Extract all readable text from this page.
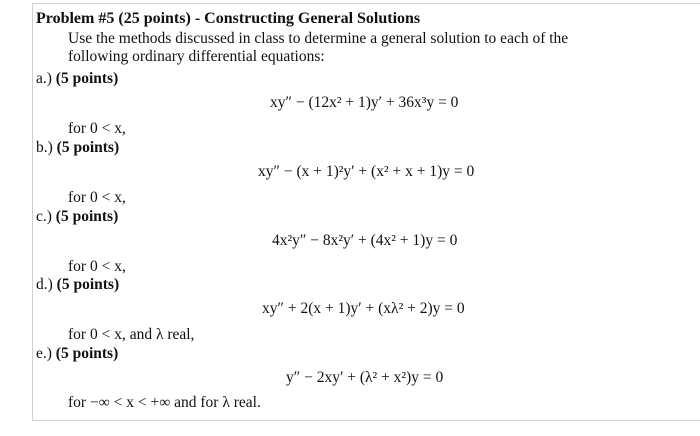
Problem #5 (25 points) - Constructing General Solutions
Use the methods discussed in class to determine a general solution to each of the
following ordinary differential equations:
a.) (5 points)
xy″ − (12x² + 1)y′ + 36x³y = 0
for 0 < x,
b.) (5 points)
xy″ − (x + 1)²y′ + (x² + x + 1)y = 0
for 0 < x,
c.) (5 points)
4x²y″ − 8x²y′ + (4x² + 1)y = 0
for 0 < x,
d.) (5 points)
xy″ + 2(x + 1)y′ + (xλ² + 2)y = 0
for 0 < x, and λ real,
e.) (5 points)
y″ − 2xy′ + (λ² + x²)y = 0
for −∞ < x < +∞ and for λ real.
